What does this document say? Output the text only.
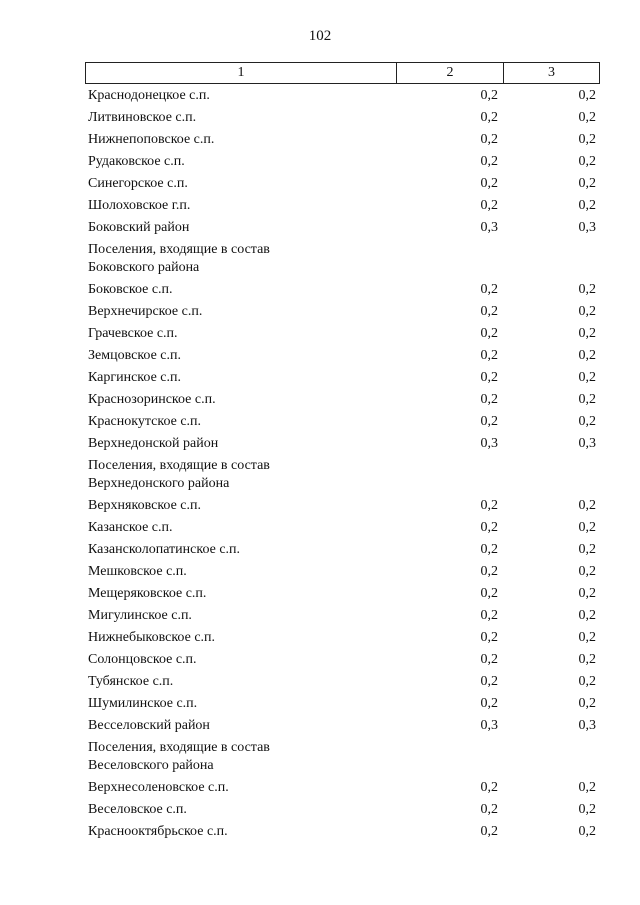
102
1	2	3
Краснодонецкое с.п.	0,2	0,2
Литвиновское с.п.	0,2	0,2
Нижнепоповское с.п.	0,2	0,2
Рудаковское с.п.	0,2	0,2
Синегорское с.п.	0,2	0,2
Шолоховское г.п.	0,2	0,2
Боковский район	0,3	0,3
Поселения, входящие в состав
Боковского района
Боковское с.п.	0,2	0,2
Верхнечирское с.п.	0,2	0,2
Грачевское с.п.	0,2	0,2
Земцовское с.п.	0,2	0,2
Каргинское с.п.	0,2	0,2
Краснозоринское с.п.	0,2	0,2
Краснокутское с.п.	0,2	0,2
Верхнедонской район	0,3	0,3
Поселения, входящие в состав
Верхнедонского района
Верхняковское с.п.	0,2	0,2
Казанское с.п.	0,2	0,2
Казансколопатинское с.п.	0,2	0,2
Мешковское с.п.	0,2	0,2
Мещеряковское с.п.	0,2	0,2
Мигулинское с.п.	0,2	0,2
Нижнебыковское с.п.	0,2	0,2
Солонцовское с.п.	0,2	0,2
Тубянское с.п.	0,2	0,2
Шумилинское с.п.	0,2	0,2
Весселовский район	0,3	0,3
Поселения, входящие в состав
Веселовского района
Верхнесоленовское с.п.	0,2	0,2
Веселовское с.п.	0,2	0,2
Краснооктябрьское с.п.	0,2	0,2
